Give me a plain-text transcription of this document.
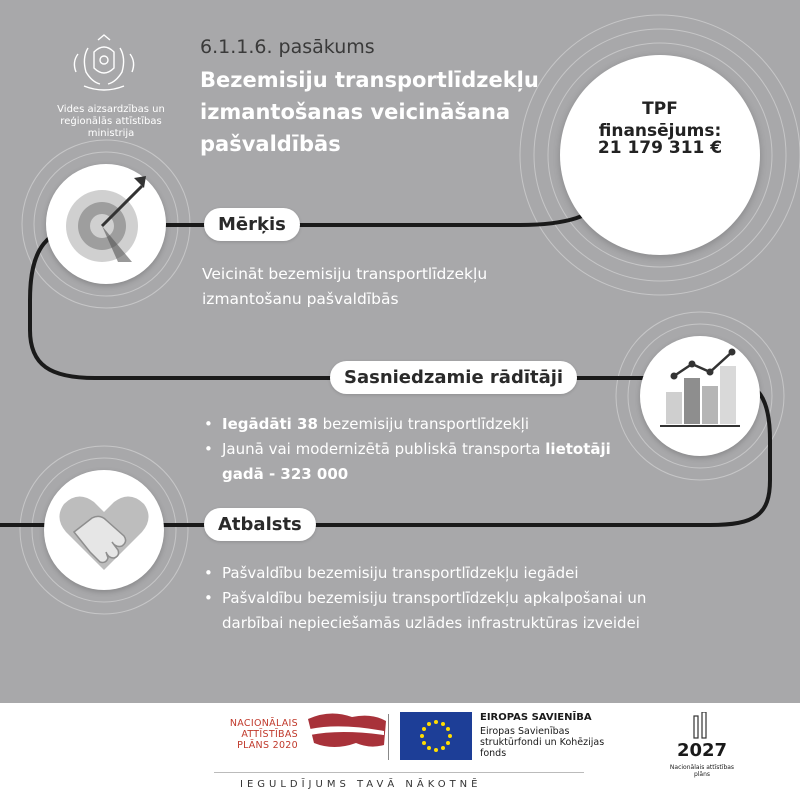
Vides aizsardzības un reģionālās attīstības ministrija
6.1.1.6. pasākums
Bezemisiju transportlīdzekļu izmantošanas veicināšana pašvaldībās
TPF finansējums:
21 179 311 €
Mērķis
Sasniedzamie rādītāji
Atbalsts
Veicināt bezemisiju transportlīdzekļu izmantošanu pašvaldībās
• Iegādāti 38 bezemisiju transportlīdzekļi
• Jaunā vai modernizētā publiskā transporta lietotāji gadā - 323 000
• Pašvaldību bezemisiju transportlīdzekļu iegādei
• Pašvaldību bezemisiju transportlīdzekļu apkalpošanai un darbībai nepieciešamās uzlādes infrastruktūras izveidei
NACIONĀLAIS ATTĪSTĪBAS PLĀNS 2020
EIROPAS SAVIENĪBA
Eiropas Savienības struktūrfondi un Kohēzijas fonds
IEGULDĪJUMS TAVĀ NĀKOTNĒ
2027
Nacionālais attīstības plāns
